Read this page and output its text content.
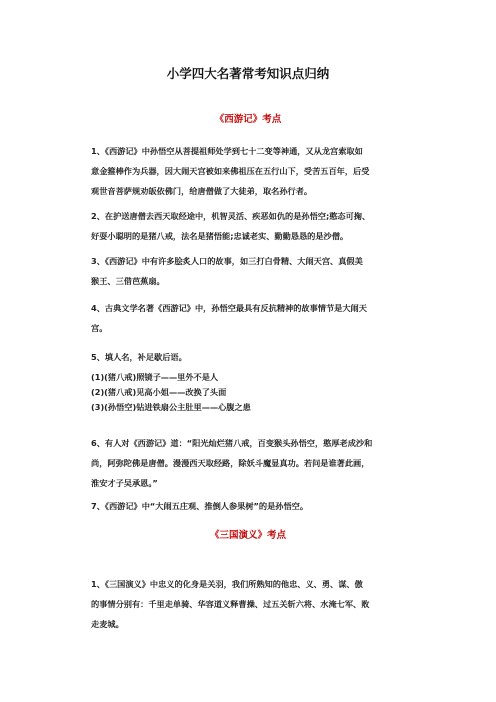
小学四大名著常考知识点归纳
《西游记》考点
1、《西游记》中孙悟空从菩提祖师处学到七十二变等神通，又从龙宫索取如
意金箍棒作为兵器，因大闹天宫被如来佛祖压在五行山下，受苦五百年，后受
观世音菩萨规劝皈依佛门，给唐僧做了大徒弟，取名孙行者。
2、在护送唐僧去西天取经途中，机智灵活、疾恶如仇的是孙悟空;憨态可掬、
好耍小聪明的是猪八戒，法名是猪悟能;忠诚老实、勤勤恳恳的是沙僧。
3、《西游记》中有许多脍炙人口的故事，如三打白骨精、大闹天宫、真假美
猴王、三借芭蕉扇。
4、古典文学名著《西游记》中，孙悟空最具有反抗精神的故事情节是大闹天
宫。
5、填人名，补足歇后语。
(1)(猪八戒)照镜子——里外不是人
(2)(猪八戒)见高小姐——改换了头面
(3)(孙悟空)钻进铁扇公主肚里——心腹之患
6、有人对《西游记》道：“阳光灿烂猪八戒，百变猴头孙悟空，憨厚老成沙和
尚，阿弥陀佛是唐僧。漫漫西天取经路，除妖斗魔显真功。若问是谁著此画，
淮安才子吴承恩。”
7、《西游记》中“大闹五庄观、推倒人参果树”的是孙悟空。
《三国演义》考点
1、《三国演义》中忠义的化身是关羽，我们所熟知的他忠、义、勇、谋、傲
的事情分别有：千里走单骑、华容道义释曹操、过五关斩六将、水淹七军、败
走麦城。
